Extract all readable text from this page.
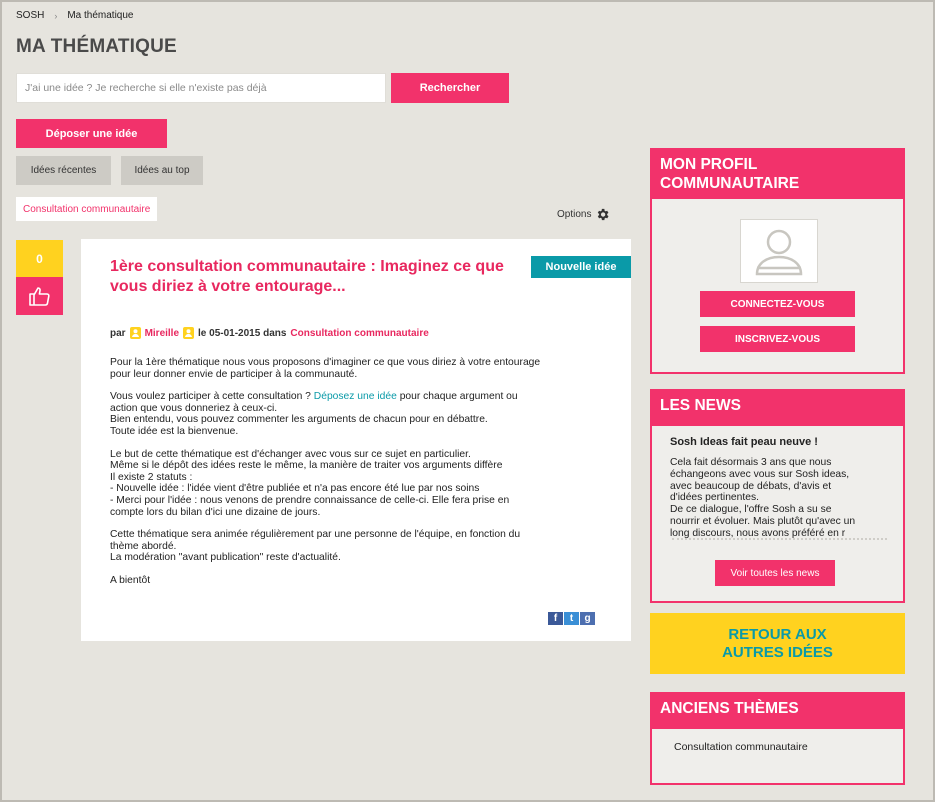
SOSH › Ma thématique
MA THÉMATIQUE
J'ai une idée ? Je recherche si elle n'existe pas déjà
Rechercher
Déposer une idée
Idées récentes	Idées au top
Consultation communautaire	Options
0
Nouvelle idée
1ère consultation communautaire : Imaginez ce que vous diriez à votre entourage...
par Mireille le 05-01-2015 dans Consultation communautaire

Pour la 1ère thématique nous vous proposons d'imaginer ce que vous diriez à votre entourage
pour leur donner envie de participer à la communauté.

Vous voulez participer à cette consultation ? Déposez une idée pour chaque argument ou
action que vous donneriez à ceux-ci.
Bien entendu, vous pouvez commenter les arguments de chacun pour en débattre.
Toute idée est la bienvenue.

Le but de cette thématique est d'échanger avec vous sur ce sujet en particulier.
Même si le dépôt des idées reste le même, la manière de traiter vos arguments diffère
Il existe 2 statuts :
- Nouvelle idée : l'idée vient d'être publiée et n'a pas encore été lue par nos soins
- Merci pour l'idée : nous venons de prendre connaissance de celle-ci. Elle fera prise en
compte lors du bilan d'ici une dizaine de jours.

Cette thématique sera animée régulièrement par une personne de l'équipe, en fonction du
thème abordé.
La modération "avant publication" reste d'actualité.

A bientôt

f	t	g
MON PROFIL COMMUNAUTAIRE
CONNECTEZ-VOUS
INSCRIVEZ-VOUS
LES NEWS
Sosh Ideas fait peau neuve !
Cela fait désormais 3 ans que nous
échangeons avec vous sur Sosh ideas,
avec beaucoup de débats, d'avis et
d'idées pertinentes.
De ce dialogue, l'offre Sosh a su se
nourrir et évoluer. Mais plutôt qu'avec un
long discours, nous avons préféré en r
Voir toutes les news
RETOUR AUX
AUTRES IDÉES
ANCIENS THÈMES
Consultation communautaire
